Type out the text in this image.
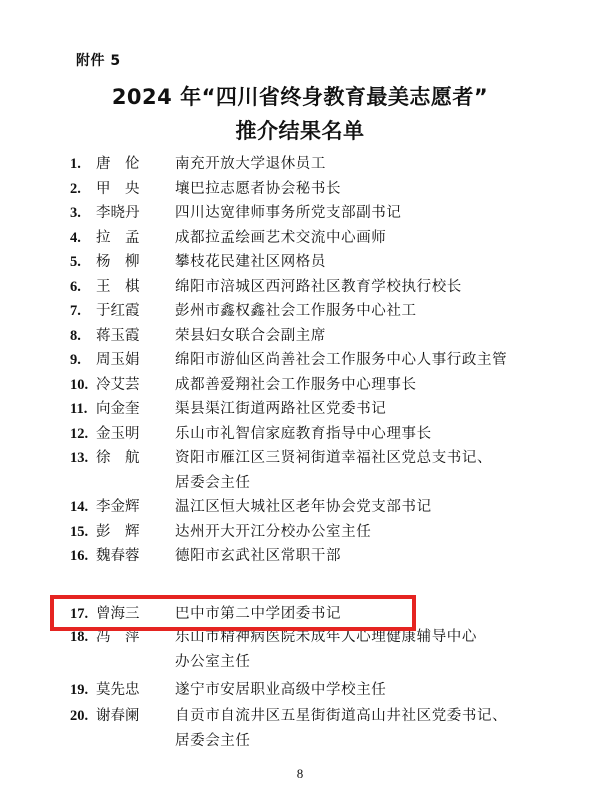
附件 5
2024 年“四川省终身教育最美志愿者”
推介结果名单
1.	唐　伦	南充开放大学退休员工
2.	甲　央	壤巴拉志愿者协会秘书长
3.	李晓丹	四川达宽律师事务所党支部副书记
4.	拉　孟	成都拉孟绘画艺术交流中心画师
5.	杨　柳	攀枝花民建社区网格员
6.	王　棋	绵阳市涪城区西河路社区教育学校执行校长
7.	于红霞	彭州市鑫权鑫社会工作服务中心社工
8.	蒋玉霞	荣县妇女联合会副主席
9.	周玉娟	绵阳市游仙区尚善社会工作服务中心人事行政主管
10. 冷艾芸	成都善爱翔社会工作服务中心理事长
11. 向金奎	渠县渠江街道两路社区党委书记
12. 金玉明	乐山市礼智信家庭教育指导中心理事长
13. 徐　航	资阳市雁江区三贤祠街道幸福社区党总支书记、
居委会主任
14. 李金辉	温江区恒大城社区老年协会党支部书记
15. 彭　辉	达州开大开江分校办公室主任
16. 魏春蓉	德阳市玄武社区常职干部
17. 曾海三	巴中市第二中学团委书记
18. 冯　萍	乐山市精神病医院未成年人心理健康辅导中心
办公室主任
19. 莫先忠	遂宁市安居职业高级中学校主任
20. 谢春阑	自贡市自流井区五星街街道高山井社区党委书记、
居委会主任
8
